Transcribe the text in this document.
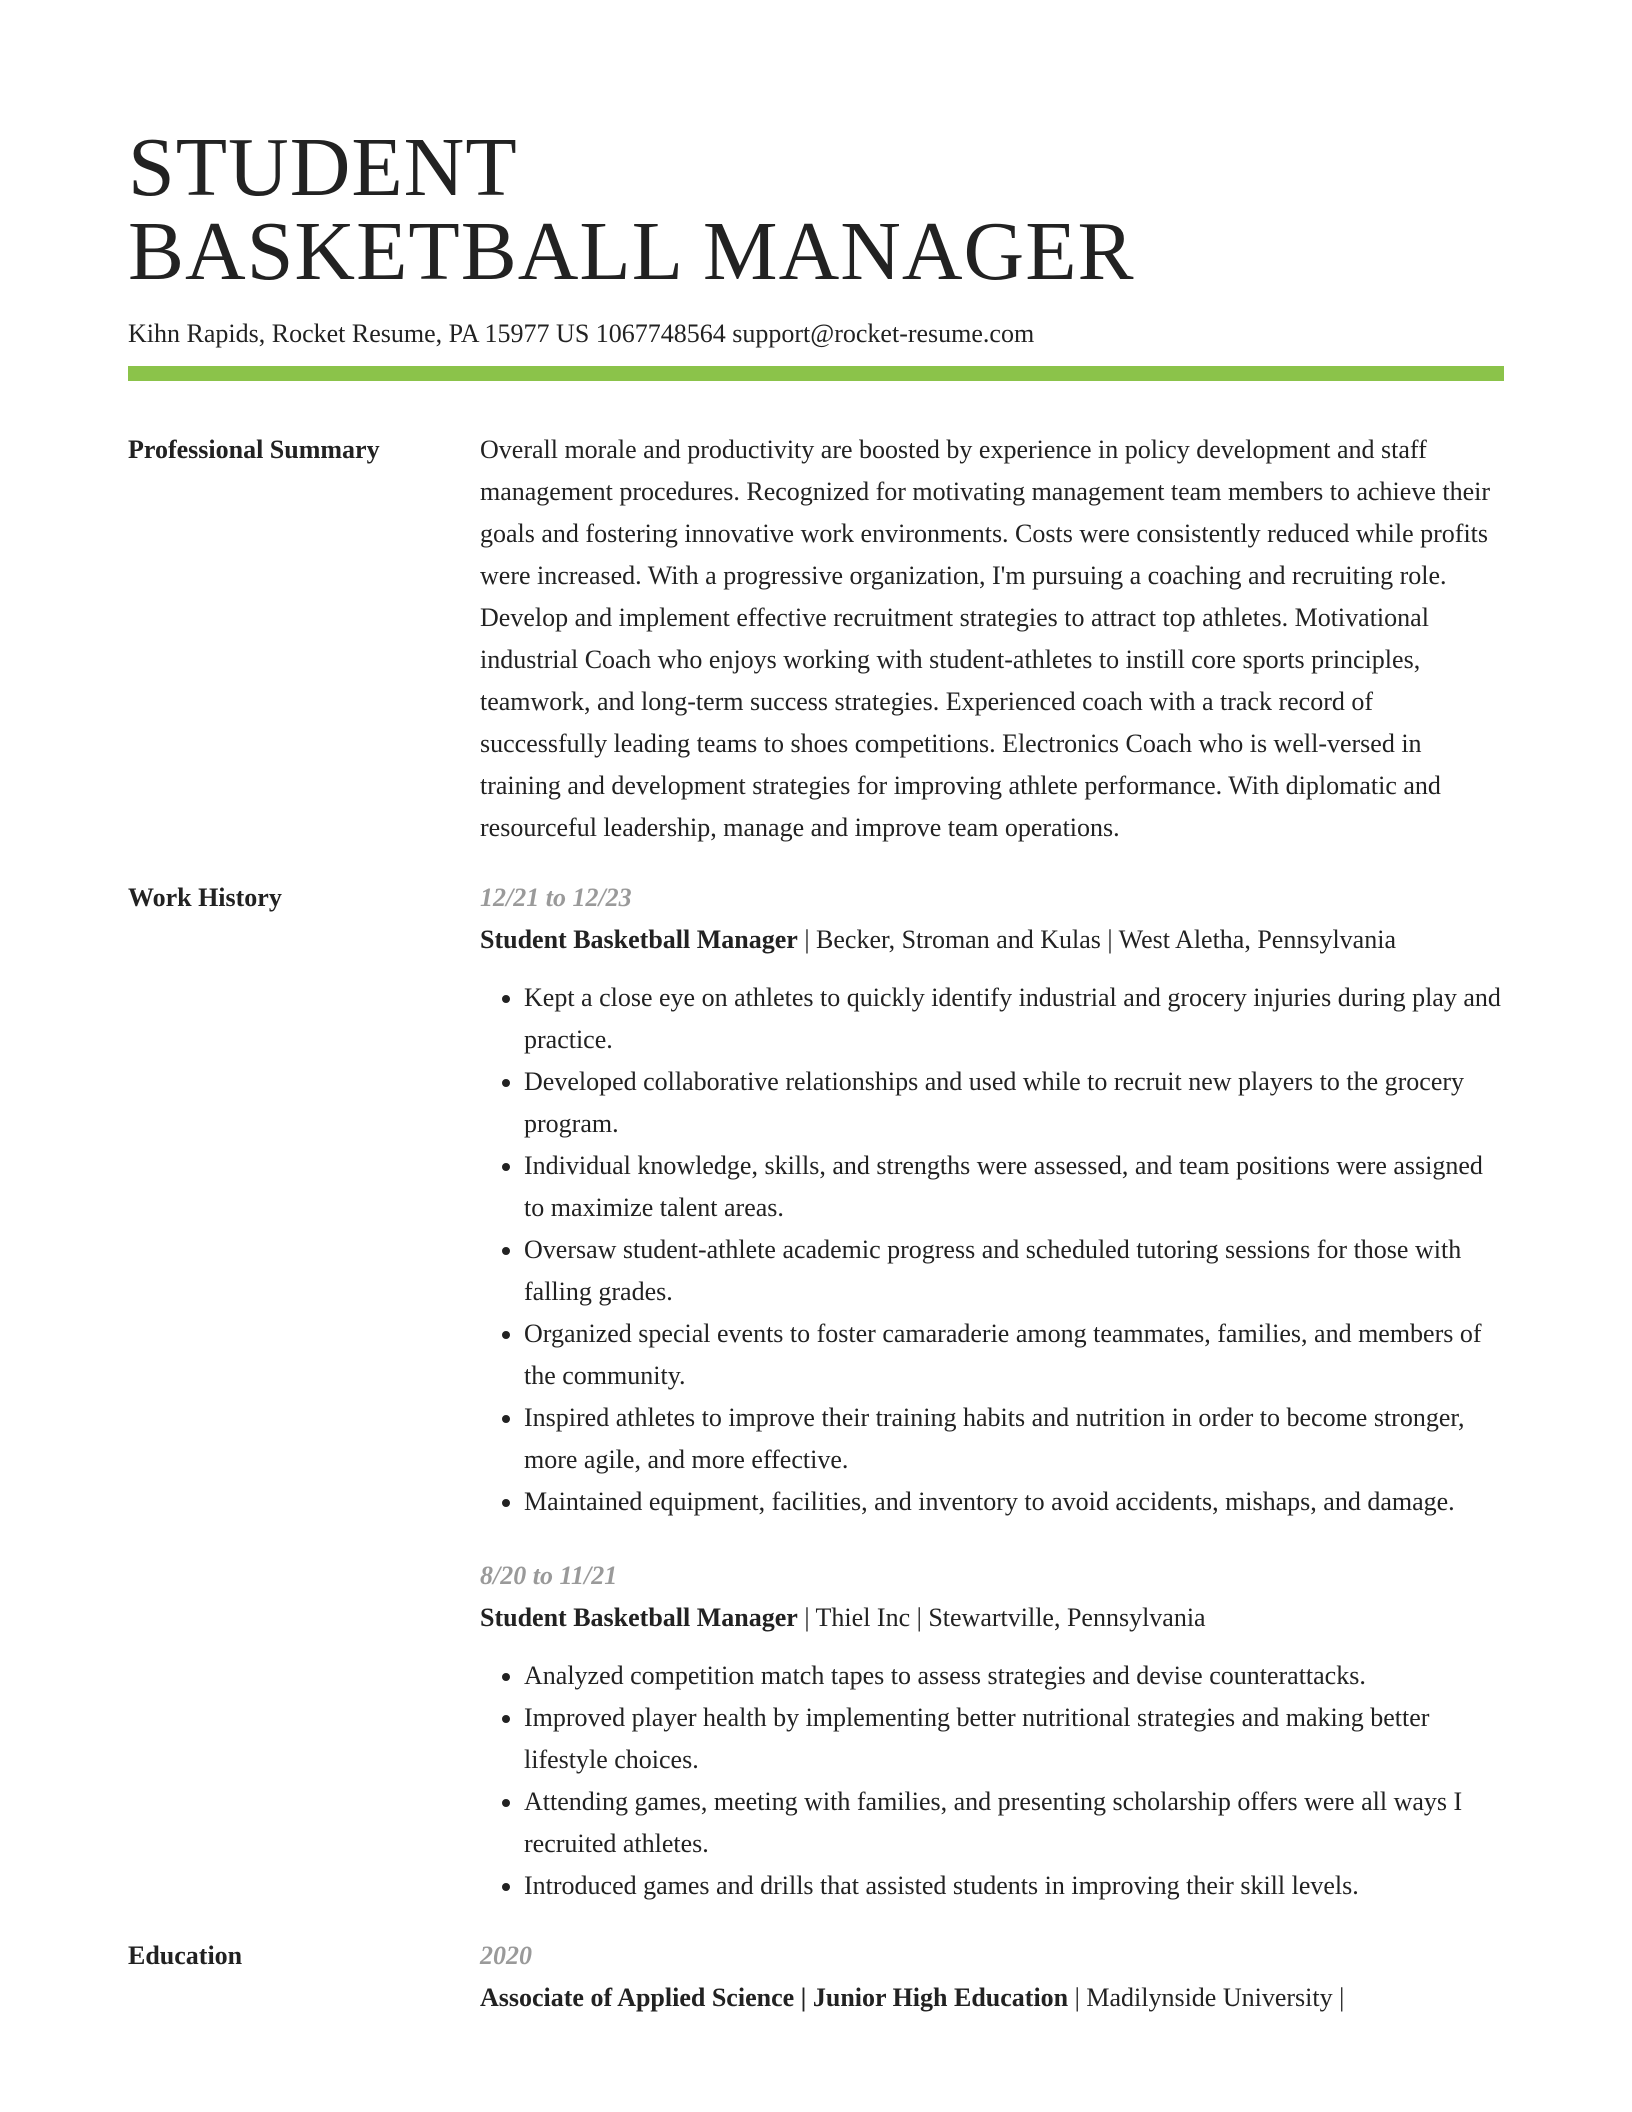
STUDENT
BASKETBALL MANAGER
Kihn Rapids, Rocket Resume, PA 15977 US 1067748564 support@rocket-resume.com
Professional Summary	Overall morale and productivity are boosted by experience in policy development and staff management procedures. Recognized for motivating management team members to achieve their goals and fostering innovative work environments. Costs were consistently reduced while profits were increased. With a progressive organization, I'm pursuing a coaching and recruiting role. Develop and implement effective recruitment strategies to attract top athletes. Motivational industrial Coach who enjoys working with student-athletes to instill core sports principles, teamwork, and long-term success strategies. Experienced coach with a track record of successfully leading teams to shoes competitions. Electronics Coach who is well-versed in training and development strategies for improving athlete performance. With diplomatic and resourceful leadership, manage and improve team operations.
Work History	12/21 to 12/23
Student Basketball Manager | Becker, Stroman and Kulas | West Aletha, Pennsylvania
• Kept a close eye on athletes to quickly identify industrial and grocery injuries during play and practice.
• Developed collaborative relationships and used while to recruit new players to the grocery program.
• Individual knowledge, skills, and strengths were assessed, and team positions were assigned to maximize talent areas.
• Oversaw student-athlete academic progress and scheduled tutoring sessions for those with falling grades.
• Organized special events to foster camaraderie among teammates, families, and members of the community.
• Inspired athletes to improve their training habits and nutrition in order to become stronger, more agile, and more effective.
• Maintained equipment, facilities, and inventory to avoid accidents, mishaps, and damage.
8/20 to 11/21
Student Basketball Manager | Thiel Inc | Stewartville, Pennsylvania
• Analyzed competition match tapes to assess strategies and devise counterattacks.
• Improved player health by implementing better nutritional strategies and making better lifestyle choices.
• Attending games, meeting with families, and presenting scholarship offers were all ways I recruited athletes.
• Introduced games and drills that assisted students in improving their skill levels.
Education	2020
Associate of Applied Science | Junior High Education | Madilynside University |
